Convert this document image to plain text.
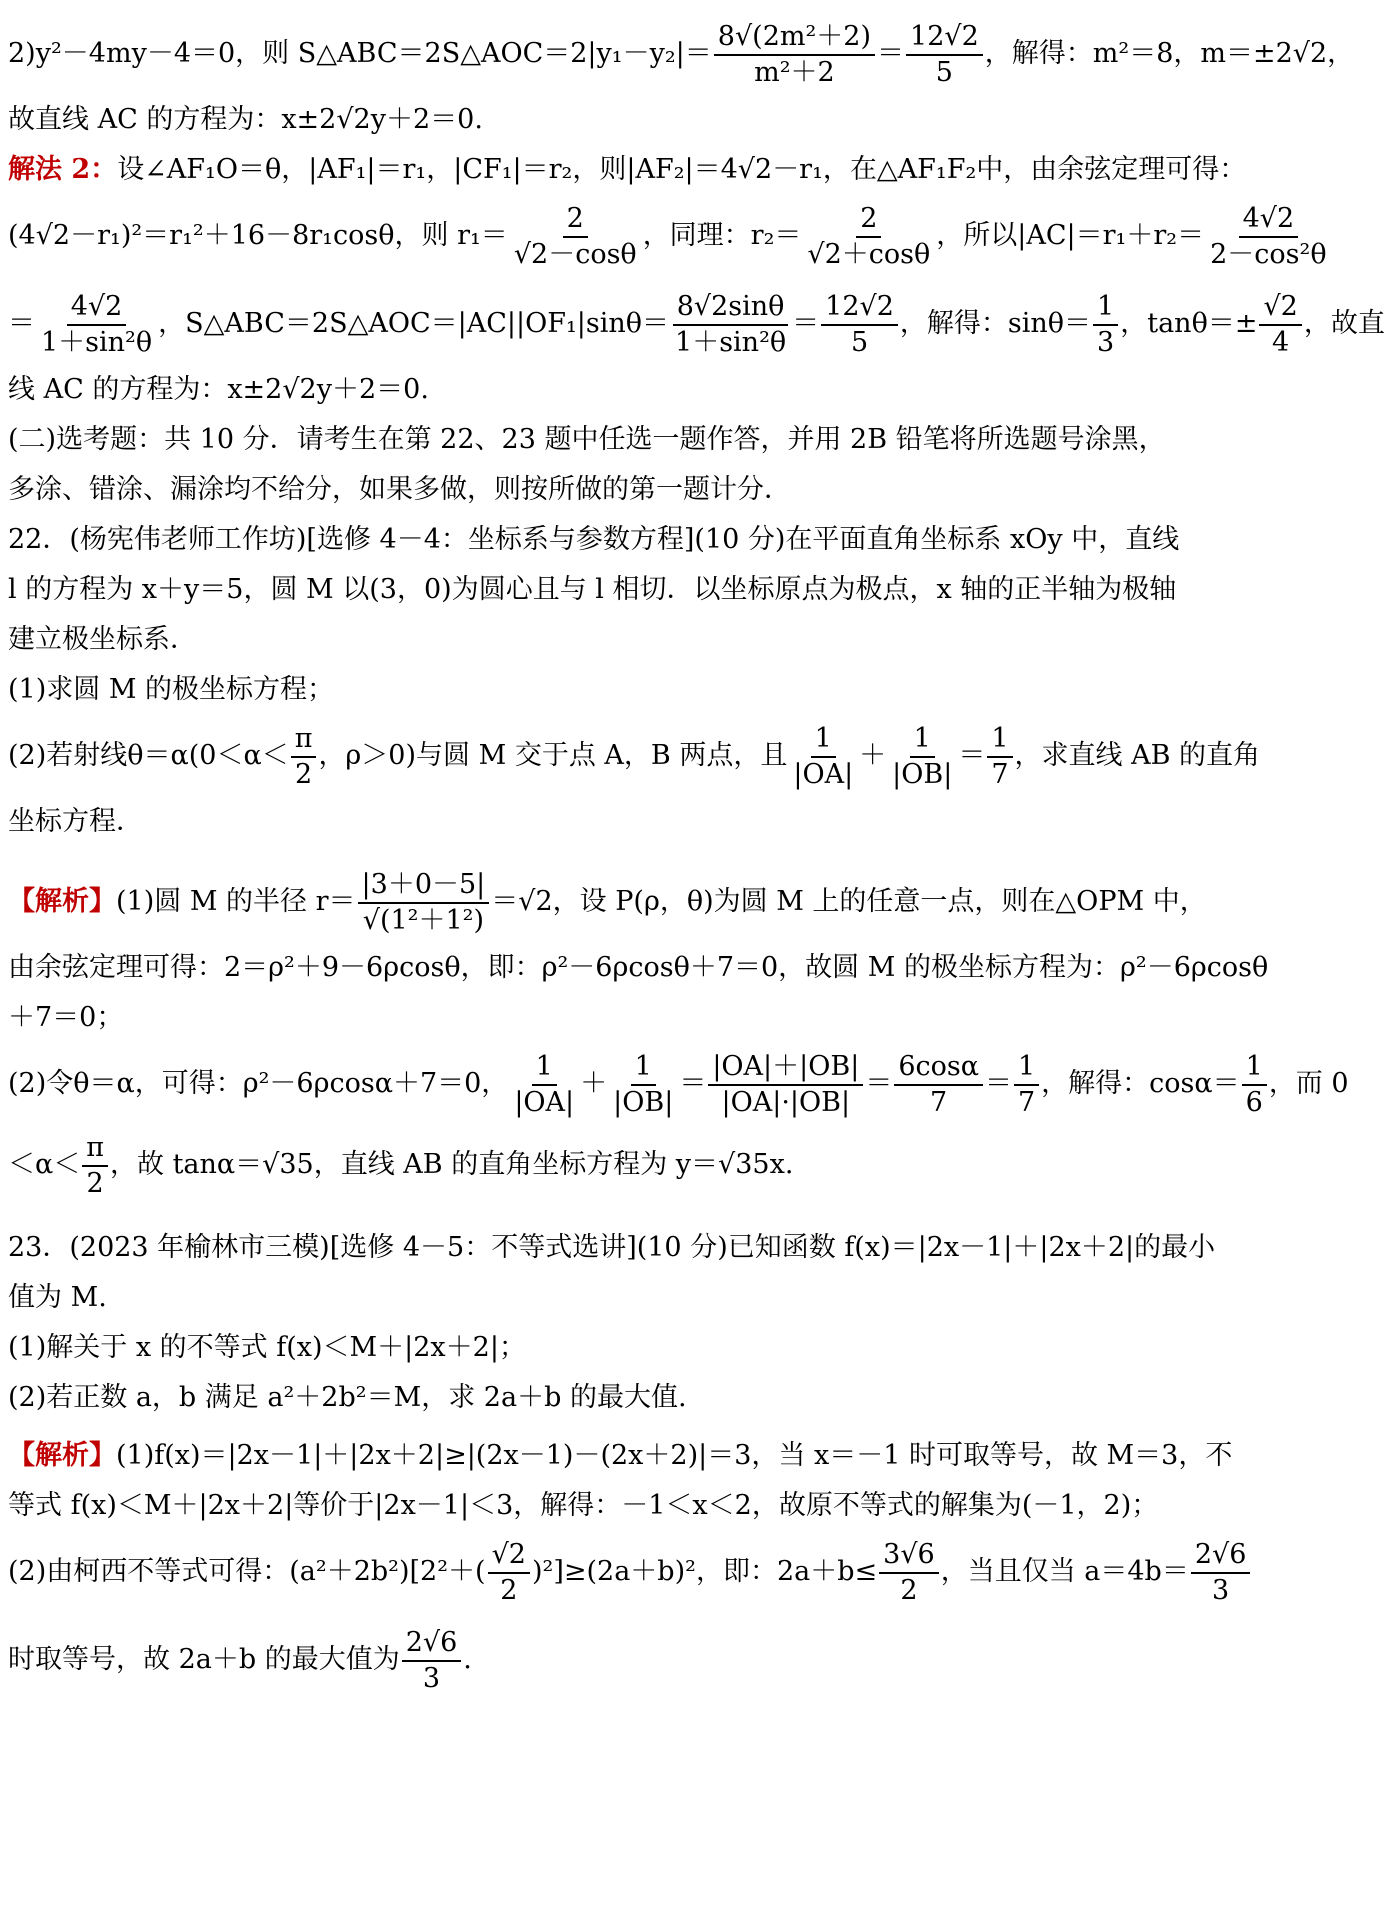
2)y²－4my－4＝0，则 S△ABC＝2S△AOC＝2|y₁－y₂|＝ $\frac{\text{8√(2m²＋2)}}{\text{m²＋2}} = \frac{12√2}{5}$ ，解得：m²＝8，m＝±2√2，
故直线 AC 的方程为：x±2√2y＋2＝0.
解法 2：设∠AF₁O＝θ，|AF₁|＝r₁，|CF₁|＝r₂，则|AF₂|＝4√2－r₁，在△AF₁F₂中，由余弦定理可得：
(4√2－r₁)²＝r₁²＋16－8r₁cosθ，则 $r_1= \frac{2}{√2-\cos\theta}$ ，同理：$r_2= \frac{2}{√2+\cos\theta}$ ，所以$|AC|=r_1+r_2= \frac{4√2}{\text{2－cos²θ}}$
＝ $\frac{4√2}{\text{1＋sin²θ}}$ ，S△ABC＝2S△AOC＝|AC||OF₁|sinθ＝ $\frac{8√2\sin\theta}{\text{1＋sin²θ}} = \frac{12√2}{5}$ ，解得：$\sin\theta= \frac{1}{3}$ ，$\tan\theta=\pm \frac{√2}{4}$ ，故直
线 AC 的方程为：x±2√2y＋2＝0.
(二)选考题：共 10 分．请考生在第 22、23 题中任选一题作答，并用 2B 铅笔将所选题号涂黑，
多涂、错涂、漏涂均不给分，如果多做，则按所做的第一题计分．
22．(杨宪伟老师工作坊)[选修 4－4：坐标系与参数方程](10 分)在平面直角坐标系 xOy 中，直线
l 的方程为 x＋y＝5，圆 M 以(3，0)为圆心且与 l 相切．以坐标原点为极点，x 轴的正半轴为极轴
建立极坐标系．
(1)求圆 M 的极坐标方程；
(2)若射线$\theta=\alpha(0<\alpha< \frac{\pi}{2}$ ，ρ＞0)与圆 M 交于点 A，B 两点，且 $\frac{1}{|OA|} + \frac{1}{|OB|} = \frac{1}{7}$ ，求直线 AB 的直角
坐标方程．
【解析】(1)圆 M 的半径 $r= \frac{|3+0-5|}{\text{√(1²＋1²)}} =√2$，设 P(ρ，θ)为圆 M 上的任意一点，则在△OPM 中，
由余弦定理可得：2＝ρ²＋9－6ρcosθ，即：ρ²－6ρcosθ＋7＝0，故圆 M 的极坐标方程为：ρ²－6ρcosθ
＋7＝0；
(2)令θ＝α，可得：ρ²－6ρcosα＋7＝0， $\frac{1}{|OA|} + \frac{1}{|OB|} = \frac{|OA|+|OB|}{|OA|\cdot|OB|} = \frac{6\cos\alpha}{7} = \frac{1}{7}$ ，解得：$\cos\alpha= \frac{1}{6}$ ，而 0
$<\alpha< \frac{\pi}{2}$ ，故 tanα＝√35，直线 AB 的直角坐标方程为 y＝√35x.
23．(2023 年榆林市三模)[选修 4－5：不等式选讲](10 分)已知函数 f(x)＝|2x－1|＋|2x＋2|的最小
值为 M.
(1)解关于 x 的不等式 f(x)＜M＋|2x＋2|；
(2)若正数 a，b 满足 a²＋2b²＝M，求 2a＋b 的最大值.
【解析】(1)f(x)＝|2x－1|＋|2x＋2|≥|(2x－1)－(2x＋2)|＝3，当 x＝－1 时可取等号，故 M＝3，不
等式 f(x)＜M＋|2x＋2|等价于|2x－1|＜3，解得：－1＜x＜2，故原不等式的解集为(－1，2)；
(2)由柯西不等式可得：$(a^2+2b^2)[2^2+( \frac{√2}{2} )^2]\ge(2a+b)^2$，即：$2a+b\le \frac{3√6}{2}$ ，当且仅当 $a=4b= \frac{2√6}{3}$
时取等号，故 2a＋b 的最大值为 $\frac{2√6}{3}$ .
